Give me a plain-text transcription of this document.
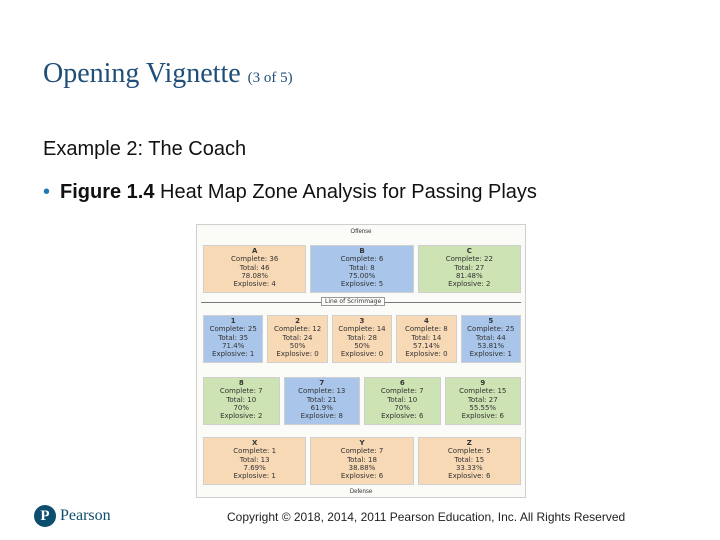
Opening Vignette (3 of 5)
Example 2: The Coach
• Figure 1.4 Heat Map Zone Analysis for Passing Plays
Offense
Line of Scrimmage
Defense
A
Complete: 36
Total: 46
78.08%
Explosive: 4
B
Complete: 6
Total: 8
75.00%
Explosive: 5
C
Complete: 22
Total: 27
81.48%
Explosive: 2
1
Complete: 25
Total: 35
71.4%
Explosive: 1
2
Complete: 12
Total: 24
50%
Explosive: 0
3
Complete: 14
Total: 28
50%
Explosive: 0
4
Complete: 8
Total: 14
57.14%
Explosive: 0
5
Complete: 25
Total: 44
53.81%
Explosive: 1
8
Complete: 7
Total: 10
70%
Explosive: 2
7
Complete: 13
Total: 21
61.9%
Explosive: 8
6
Complete: 7
Total: 10
70%
Explosive: 6
9
Complete: 15
Total: 27
55.55%
Explosive: 6
X
Complete: 1
Total: 13
7.69%
Explosive: 1
Y
Complete: 7
Total: 18
38.88%
Explosive: 6
Z
Complete: 5
Total: 15
33.33%
Explosive: 6
P Pearson	Copyright © 2018, 2014, 2011 Pearson Education, Inc. All Rights Reserved
